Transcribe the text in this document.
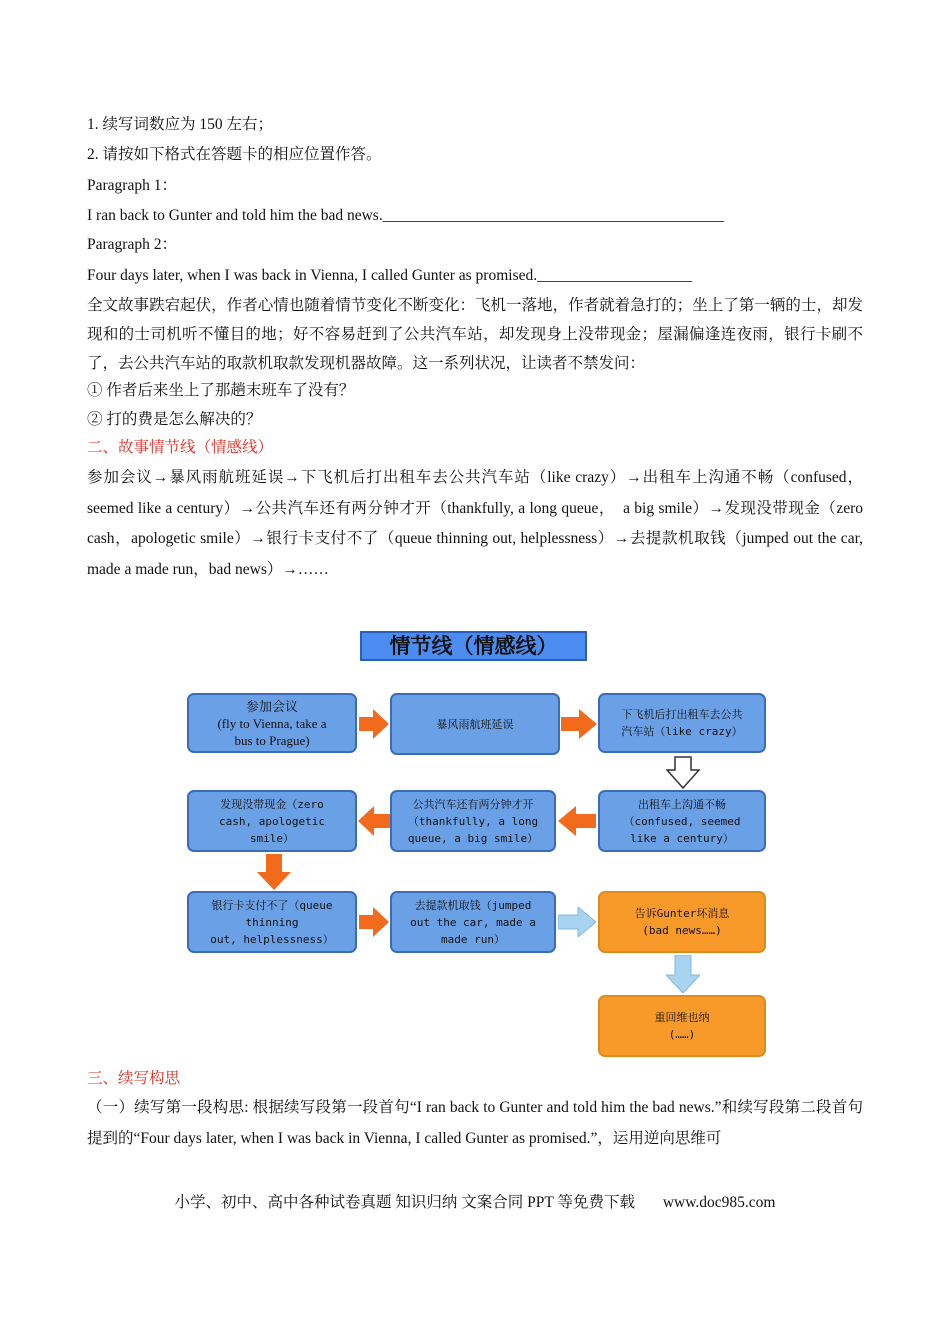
1. 续写词数应为 150 左右；
2. 请按如下格式在答题卡的相应位置作答。
Paragraph 1：
I ran back to Gunter and told him the bad news.____________________________________________
Paragraph 2：
Four days later, when I was back in Vienna, I called Gunter as promised.____________________
全文故事跌宕起伏，作者心情也随着情节变化不断变化：飞机一落地，作者就着急打的；坐上了第一辆的士，却发现和的士司机听不懂目的地；好不容易赶到了公共汽车站，却发现身上没带现金；屋漏偏逢连夜雨，银行卡刷不了，去公共汽车站的取款机取款发现机器故障。这一系列状况，让读者不禁发问：
① 作者后来坐上了那趟末班车了没有？
② 打的费是怎么解决的？
二、故事情节线（情感线）
参加会议→暴风雨航班延误→下飞机后打出租车去公共汽车站（like crazy）→出租车上沟通不畅（confused，seemed like a century）→公共汽车还有两分钟才开（thankfully, a long queue，　a big smile）→发现没带现金（zero cash，apologetic smile）→银行卡支付不了（queue thinning out, helplessness）→去提款机取钱（jumped out the car, made a made run，bad news）→……
情节线（情感线）
参加会议
(fly to Vienna, take a
bus to Prague)
暴风雨航班延误
下飞机后打出租车去公共
汽车站（like crazy）
发现没带现金（zero
cash, apologetic
smile）
公共汽车还有两分钟才开
（thankfully, a long
queue, a big smile）
出租车上沟通不畅
（confused, seemed
like a century）
银行卡支付不了（queue
thinning
out, helplessness）
去提款机取钱（jumped
out the car, made a
made run）
告诉Gunter坏消息
(bad news……)
重回维也纳
(……)
三、续写构思
（一）续写第一段构思: 根据续写段第一段首句“I ran back to Gunter and told him the bad news.”和续写段第二段首句提到的“Four days later, when I was back in Vienna, I called Gunter as promised.”，运用逆向思维可
小学、初中、高中各种试卷真题 知识归纳 文案合同 PPT 等免费下载 www.doc985.com
